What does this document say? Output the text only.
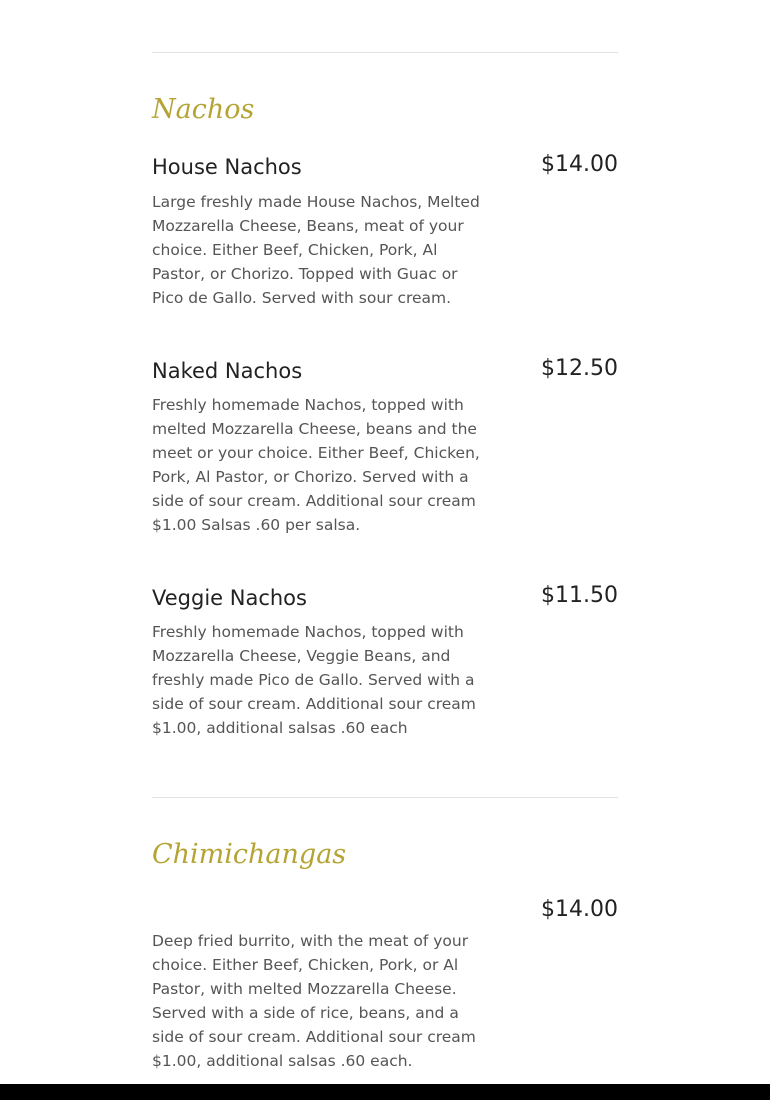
Nachos
House Nachos	$14.00

Large freshly made House Nachos, Melted Mozzarella Cheese, Beans, meat of your choice. Either Beef, Chicken, Pork, Al Pastor, or Chorizo. Topped with Guac or Pico de Gallo. Served with sour cream.

Naked Nachos	$12.50

Freshly homemade Nachos, topped with melted Mozzarella Cheese, beans and the meet or your choice. Either Beef, Chicken, Pork, Al Pastor, or Chorizo. Served with a side of sour cream. Additional sour cream $1.00 Salsas .60 per salsa.

Veggie Nachos	$11.50

Freshly homemade Nachos, topped with Mozzarella Cheese, Veggie Beans, and freshly made Pico de Gallo. Served with a side of sour cream. Additional sour cream $1.00, additional salsas .60 each

Chimichangas
$14.00

Deep fried burrito, with the meat of your choice. Either Beef, Chicken, Pork, or Al Pastor, with melted Mozzarella Cheese. Served with a side of rice, beans, and a side of sour cream. Additional sour cream $1.00, additional salsas .60 each.
